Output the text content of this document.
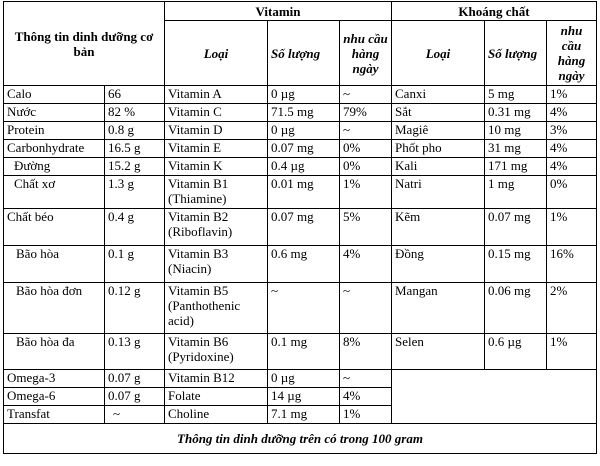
Thông tin dinh dưỡng cơ bản		Vitamin			Khoáng chất		
		Loại	Số lượng	nhu cầu hàng ngày	Loại	Số lượng	nhu cầu hàng ngày
Calo	66	Vitamin A	0 µg	~	Canxi	5 mg	1%
Nước	82 %	Vitamin C	71.5 mg	79%	Sắt	0.31 mg	4%
Protein	0.8 g	Vitamin D	0 µg	~	Magiê	10 mg	3%
Carbonhydrate	16.5 g	Vitamin E	0.07 mg	0%	Phốt pho	31 mg	4%
Đường	15.2 g	Vitamin K	0.4 µg	0%	Kali	171 mg	4%
Chất xơ	1.3 g	Vitamin B1 (Thiamine)	0.01 mg	1%	Natri	1 mg	0%
Chất béo	0.4 g	Vitamin B2 (Riboflavin)	0.07 mg	5%	Kẽm	0.07 mg	1%
Bão hòa	0.1 g	Vitamin B3 (Niacin)	0.6 mg	4%	Đồng	0.15 mg	16%
Bão hòa đơn	0.12 g	Vitamin B5 (Panthothenic acid)	~	~	Mangan	0.06 mg	2%
Bão hòa đa	0.13 g	Vitamin B6 (Pyridoxine)	0.1 mg	8%	Selen	0.6 µg	1%
Omega-3	0.07 g	Vitamin B12	0 µg	~			
Omega-6	0.07 g	Folate	14 µg	4%			
Transfat	~	Choline	7.1 mg	1%			
Thông tin dinh dưỡng trên có trong 100 gram							
